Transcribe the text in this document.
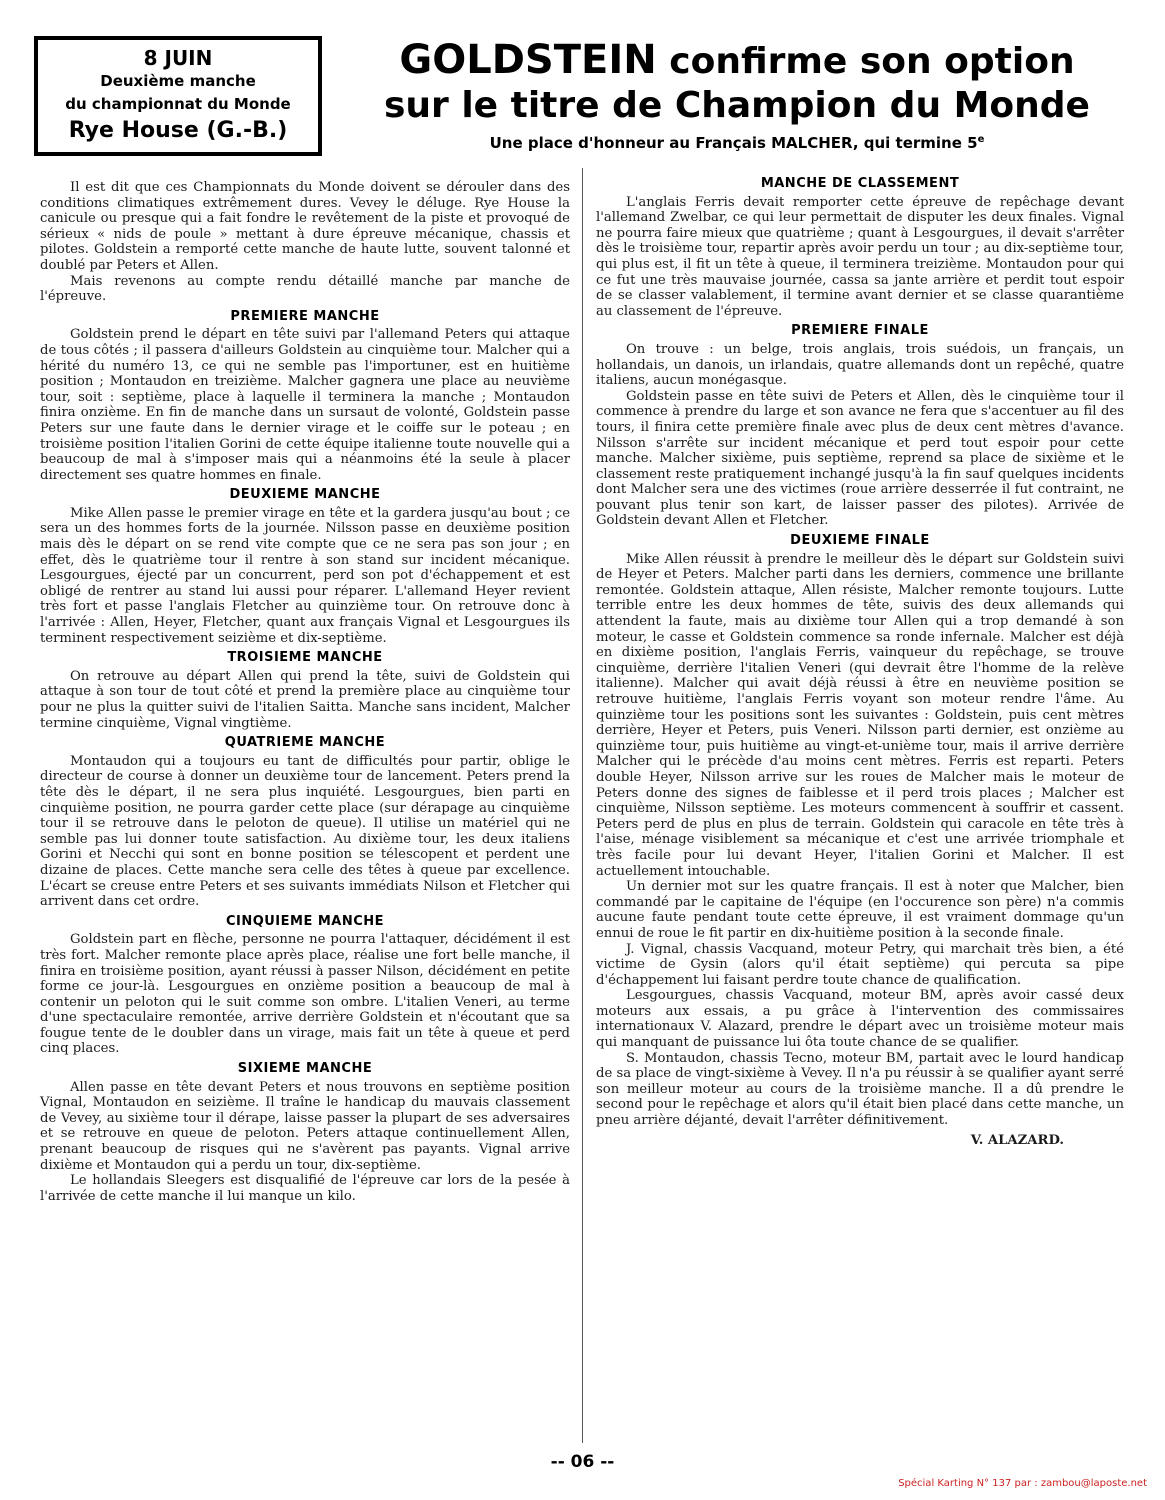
8 JUIN
Deuxième manche
du championnat du Monde
Rye House (G.-B.)
GOLDSTEIN confirme son option
sur le titre de Champion du Monde
Une place d'honneur au Français MALCHER, qui termine 5e

Il est dit que ces Championnats du Monde doivent se dérouler dans des conditions climatiques extrêmement dures. Vevey le déluge. Rye House la canicule ou presque qui a fait fondre le revêtement de la piste et provoqué de sérieux « nids de poule » mettant à dure épreuve mécanique, chassis et pilotes. Goldstein a remporté cette manche de haute lutte, souvent talonné et doublé par Peters et Allen.

Mais revenons au compte rendu détaillé manche par manche de l'épreuve.

PREMIERE MANCHE

Goldstein prend le départ en tête suivi par l'allemand Peters qui attaque de tous côtés ; il passera d'ailleurs Goldstein au cinquième tour. Malcher qui a hérité du numéro 13, ce qui ne semble pas l'importuner, est en huitième position ; Montaudon en treizième. Malcher gagnera une place au neuvième tour, soit : septième, place à laquelle il terminera la manche ; Montaudon finira onzième. En fin de manche dans un sursaut de volonté, Goldstein passe Peters sur une faute dans le dernier virage et le coiffe sur le poteau ; en troisième position l'italien Gorini de cette équipe italienne toute nouvelle qui a beaucoup de mal à s'imposer mais qui a néanmoins été la seule à placer directement ses quatre hommes en finale.

DEUXIEME MANCHE

Mike Allen passe le premier virage en tête et la gardera jusqu'au bout ; ce sera un des hommes forts de la journée. Nilsson passe en deuxième position mais dès le départ on se rend vite compte que ce ne sera pas son jour ; en effet, dès le quatrième tour il rentre à son stand sur incident mécanique. Lesgourgues, éjecté par un concurrent, perd son pot d'échappement et est obligé de rentrer au stand lui aussi pour réparer. L'allemand Heyer revient très fort et passe l'anglais Fletcher au quinzième tour. On retrouve donc à l'arrivée : Allen, Heyer, Fletcher, quant aux français Vignal et Lesgourgues ils terminent respectivement seizième et dix-septième.

TROISIEME MANCHE

On retrouve au départ Allen qui prend la tête, suivi de Goldstein qui attaque à son tour de tout côté et prend la première place au cinquième tour pour ne plus la quitter suivi de l'italien Saitta. Manche sans incident, Malcher termine cinquième, Vignal vingtième.

QUATRIEME MANCHE

Montaudon qui a toujours eu tant de difficultés pour partir, oblige le directeur de course à donner un deuxième tour de lancement. Peters prend la tête dès le départ, il ne sera plus inquiété. Lesgourgues, bien parti en cinquième position, ne pourra garder cette place (sur dérapage au cinquième tour il se retrouve dans le peloton de queue). Il utilise un matériel qui ne semble pas lui donner toute satisfaction. Au dixième tour, les deux italiens Gorini et Necchi qui sont en bonne position se télescopent et perdent une dizaine de places. Cette manche sera celle des têtes à queue par excellence. L'écart se creuse entre Peters et ses suivants immédiats Nilson et Fletcher qui arrivent dans cet ordre.

CINQUIEME MANCHE

Goldstein part en flèche, personne ne pourra l'attaquer, décidément il est très fort. Malcher remonte place après place, réalise une fort belle manche, il finira en troisième position, ayant réussi à passer Nilson, décidément en petite forme ce jour-là. Lesgourgues en onzième position a beaucoup de mal à contenir un peloton qui le suit comme son ombre. L'italien Veneri, au terme d'une spectaculaire remontée, arrive derrière Goldstein et n'écoutant que sa fougue tente de le doubler dans un virage, mais fait un tête à queue et perd cinq places.

SIXIEME MANCHE

Allen passe en tête devant Peters et nous trouvons en septième position Vignal, Montaudon en seizième. Il traîne le handicap du mauvais classement de Vevey, au sixième tour il dérape, laisse passer la plupart de ses adversaires et se retrouve en queue de peloton. Peters attaque continuellement Allen, prenant beaucoup de risques qui ne s'avèrent pas payants. Vignal arrive dixième et Montaudon qui a perdu un tour, dix-septième.

Le hollandais Sleegers est disqualifié de l'épreuve car lors de la pesée à l'arrivée de cette manche il lui manque un kilo.

MANCHE DE CLASSEMENT

L'anglais Ferris devait remporter cette épreuve de repêchage devant l'allemand Zwelbar, ce qui leur permettait de disputer les deux finales. Vignal ne pourra faire mieux que quatrième ; quant à Lesgourgues, il devait s'arrêter dès le troisième tour, repartir après avoir perdu un tour ; au dix-septième tour, qui plus est, il fit un tête à queue, il terminera treizième. Montaudon pour qui ce fut une très mauvaise journée, cassa sa jante arrière et perdit tout espoir de se classer valablement, il termine avant dernier et se classe quarantième au classement de l'épreuve.

PREMIERE FINALE

On trouve : un belge, trois anglais, trois suédois, un français, un hollandais, un danois, un irlandais, quatre allemands dont un repêché, quatre italiens, aucun monégasque.

Goldstein passe en tête suivi de Peters et Allen, dès le cinquième tour il commence à prendre du large et son avance ne fera que s'accentuer au fil des tours, il finira cette première finale avec plus de deux cent mètres d'avance. Nilsson s'arrête sur incident mécanique et perd tout espoir pour cette manche. Malcher sixième, puis septième, reprend sa place de sixième et le classement reste pratiquement inchangé jusqu'à la fin sauf quelques incidents dont Malcher sera une des victimes (roue arrière desserrée il fut contraint, ne pouvant plus tenir son kart, de laisser passer des pilotes). Arrivée de Goldstein devant Allen et Fletcher.

DEUXIEME FINALE

Mike Allen réussit à prendre le meilleur dès le départ sur Goldstein suivi de Heyer et Peters. Malcher parti dans les derniers, commence une brillante remontée. Goldstein attaque, Allen résiste, Malcher remonte toujours. Lutte terrible entre les deux hommes de tête, suivis des deux allemands qui attendent la faute, mais au dixième tour Allen qui a trop demandé à son moteur, le casse et Goldstein commence sa ronde infernale. Malcher est déjà en dixième position, l'anglais Ferris, vainqueur du repêchage, se trouve cinquième, derrière l'italien Veneri (qui devrait être l'homme de la relève italienne). Malcher qui avait déjà réussi à être en neuvième position se retrouve huitième, l'anglais Ferris voyant son moteur rendre l'âme. Au quinzième tour les positions sont les suivantes : Goldstein, puis cent mètres derrière, Heyer et Peters, puis Veneri. Nilsson parti dernier, est onzième au quinzième tour, puis huitième au vingt-et-unième tour, mais il arrive derrière Malcher qui le précède d'au moins cent mètres. Ferris est reparti. Peters double Heyer, Nilsson arrive sur les roues de Malcher mais le moteur de Peters donne des signes de faiblesse et il perd trois places ; Malcher est cinquième, Nilsson septième. Les moteurs commencent à souffrir et cassent. Peters perd de plus en plus de terrain. Goldstein qui caracole en tête très à l'aise, ménage visiblement sa mécanique et c'est une arrivée triomphale et très facile pour lui devant Heyer, l'italien Gorini et Malcher. Il est actuellement intouchable.

Un dernier mot sur les quatre français. Il est à noter que Malcher, bien commandé par le capitaine de l'équipe (en l'occurence son père) n'a commis aucune faute pendant toute cette épreuve, il est vraiment dommage qu'un ennui de roue le fit partir en dix-huitième position à la seconde finale.

J. Vignal, chassis Vacquand, moteur Petry, qui marchait très bien, a été victime de Gysin (alors qu'il était septième) qui percuta sa pipe d'échappement lui faisant perdre toute chance de qualification.

Lesgourgues, chassis Vacquand, moteur BM, après avoir cassé deux moteurs aux essais, a pu grâce à l'intervention des commissaires internationaux V. Alazard, prendre le départ avec un troisième moteur mais qui manquant de puissance lui ôta toute chance de se qualifier.

S. Montaudon, chassis Tecno, moteur BM, partait avec le lourd handicap de sa place de vingt-sixième à Vevey. Il n'a pu réussir à se qualifier ayant serré son meilleur moteur au cours de la troisième manche. Il a dû prendre le second pour le repêchage et alors qu'il était bien placé dans cette manche, un pneu arrière déjanté, devait l'arrêter définitivement.

V. ALAZARD.

-- 06 --
Spécial Karting N° 137 par : zambou@laposte.net
